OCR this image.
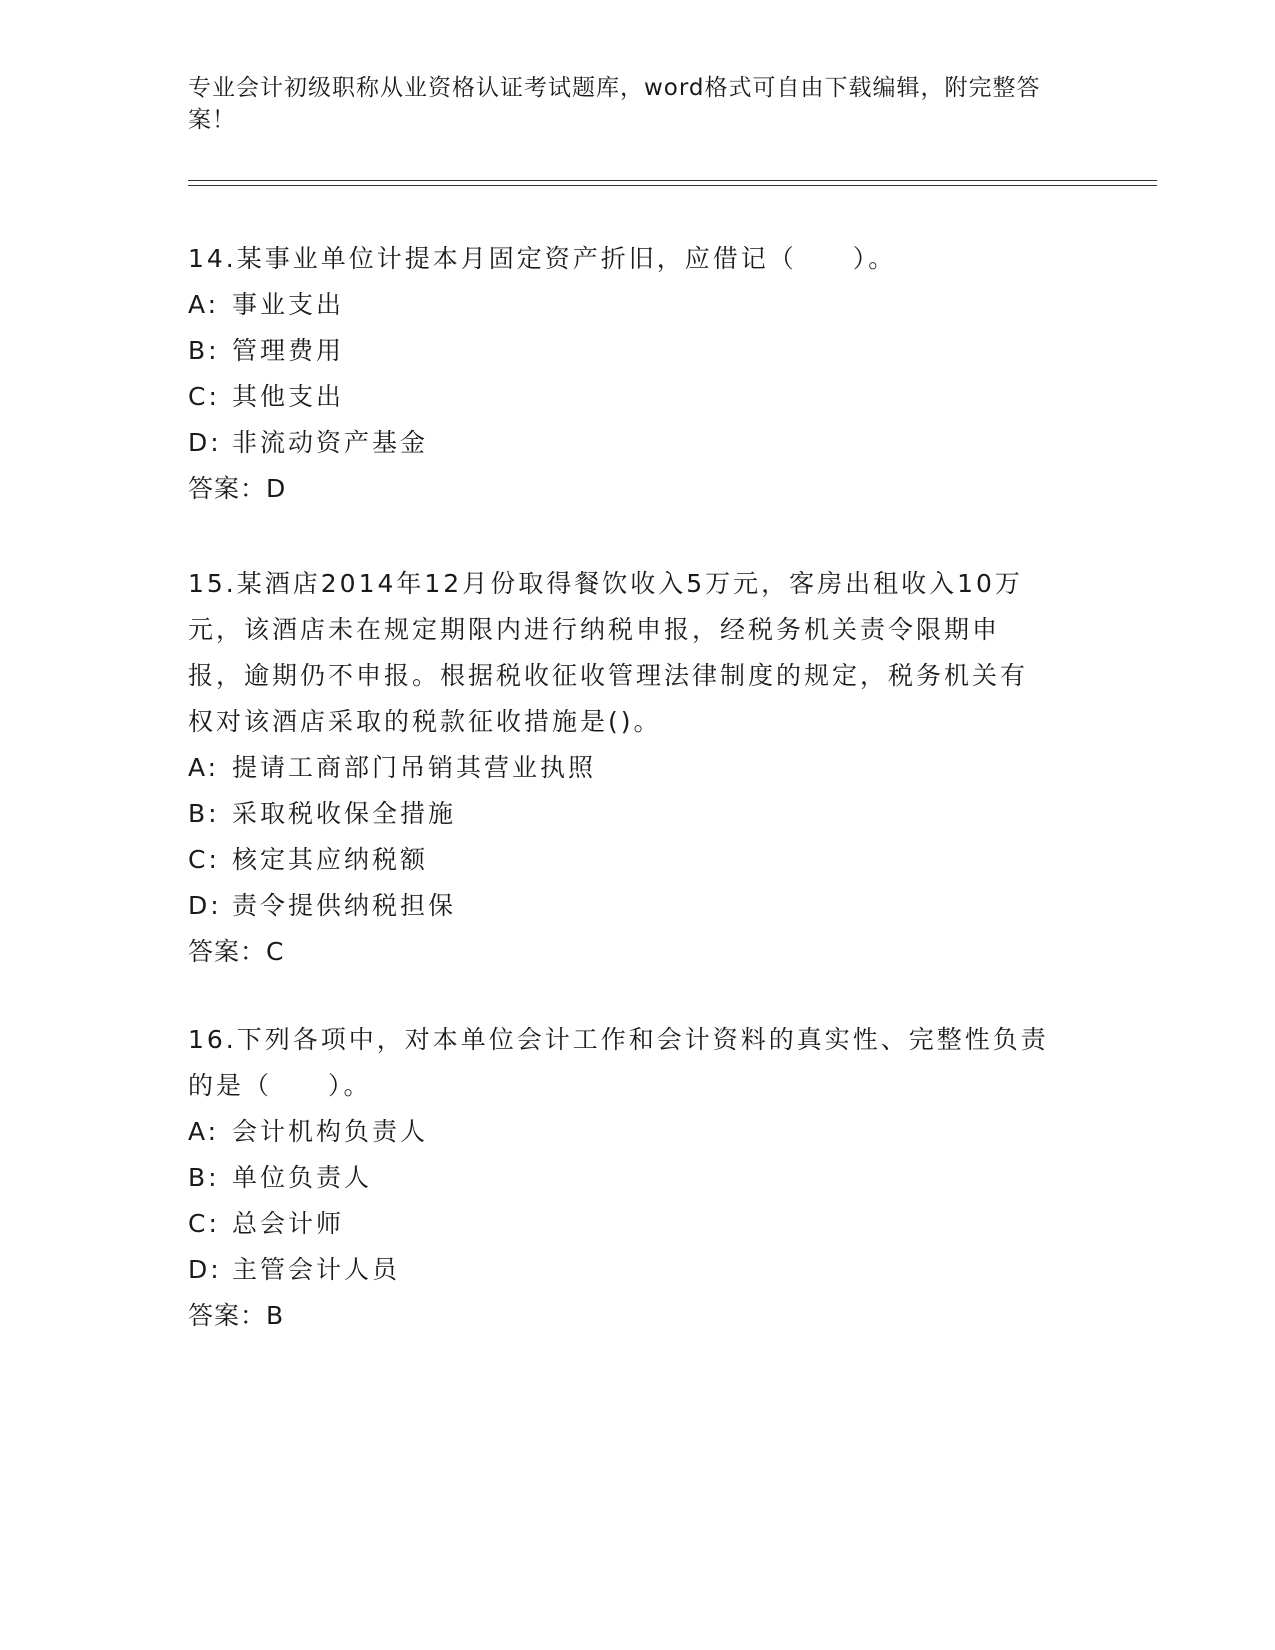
专业会计初级职称从业资格认证考试题库，word格式可自由下载编辑，附完整答案！
14.某事业单位计提本月固定资产折旧，应借记（　　）。
A: 事业支出
B: 管理费用
C: 其他支出
D: 非流动资产基金
答案：D
15.某酒店2014年12月份取得餐饮收入5万元，客房出租收入10万元，该酒店未在规定期限内进行纳税申报，经税务机关责令限期申报，逾期仍不申报。根据税收征收管理法律制度的规定，税务机关有权对该酒店采取的税款征收措施是()。
A: 提请工商部门吊销其营业执照
B: 采取税收保全措施
C: 核定其应纳税额
D: 责令提供纳税担保
答案：C
16.下列各项中，对本单位会计工作和会计资料的真实性、完整性负责的是（　　）。
A: 会计机构负责人
B: 单位负责人
C: 总会计师
D: 主管会计人员
答案：B
